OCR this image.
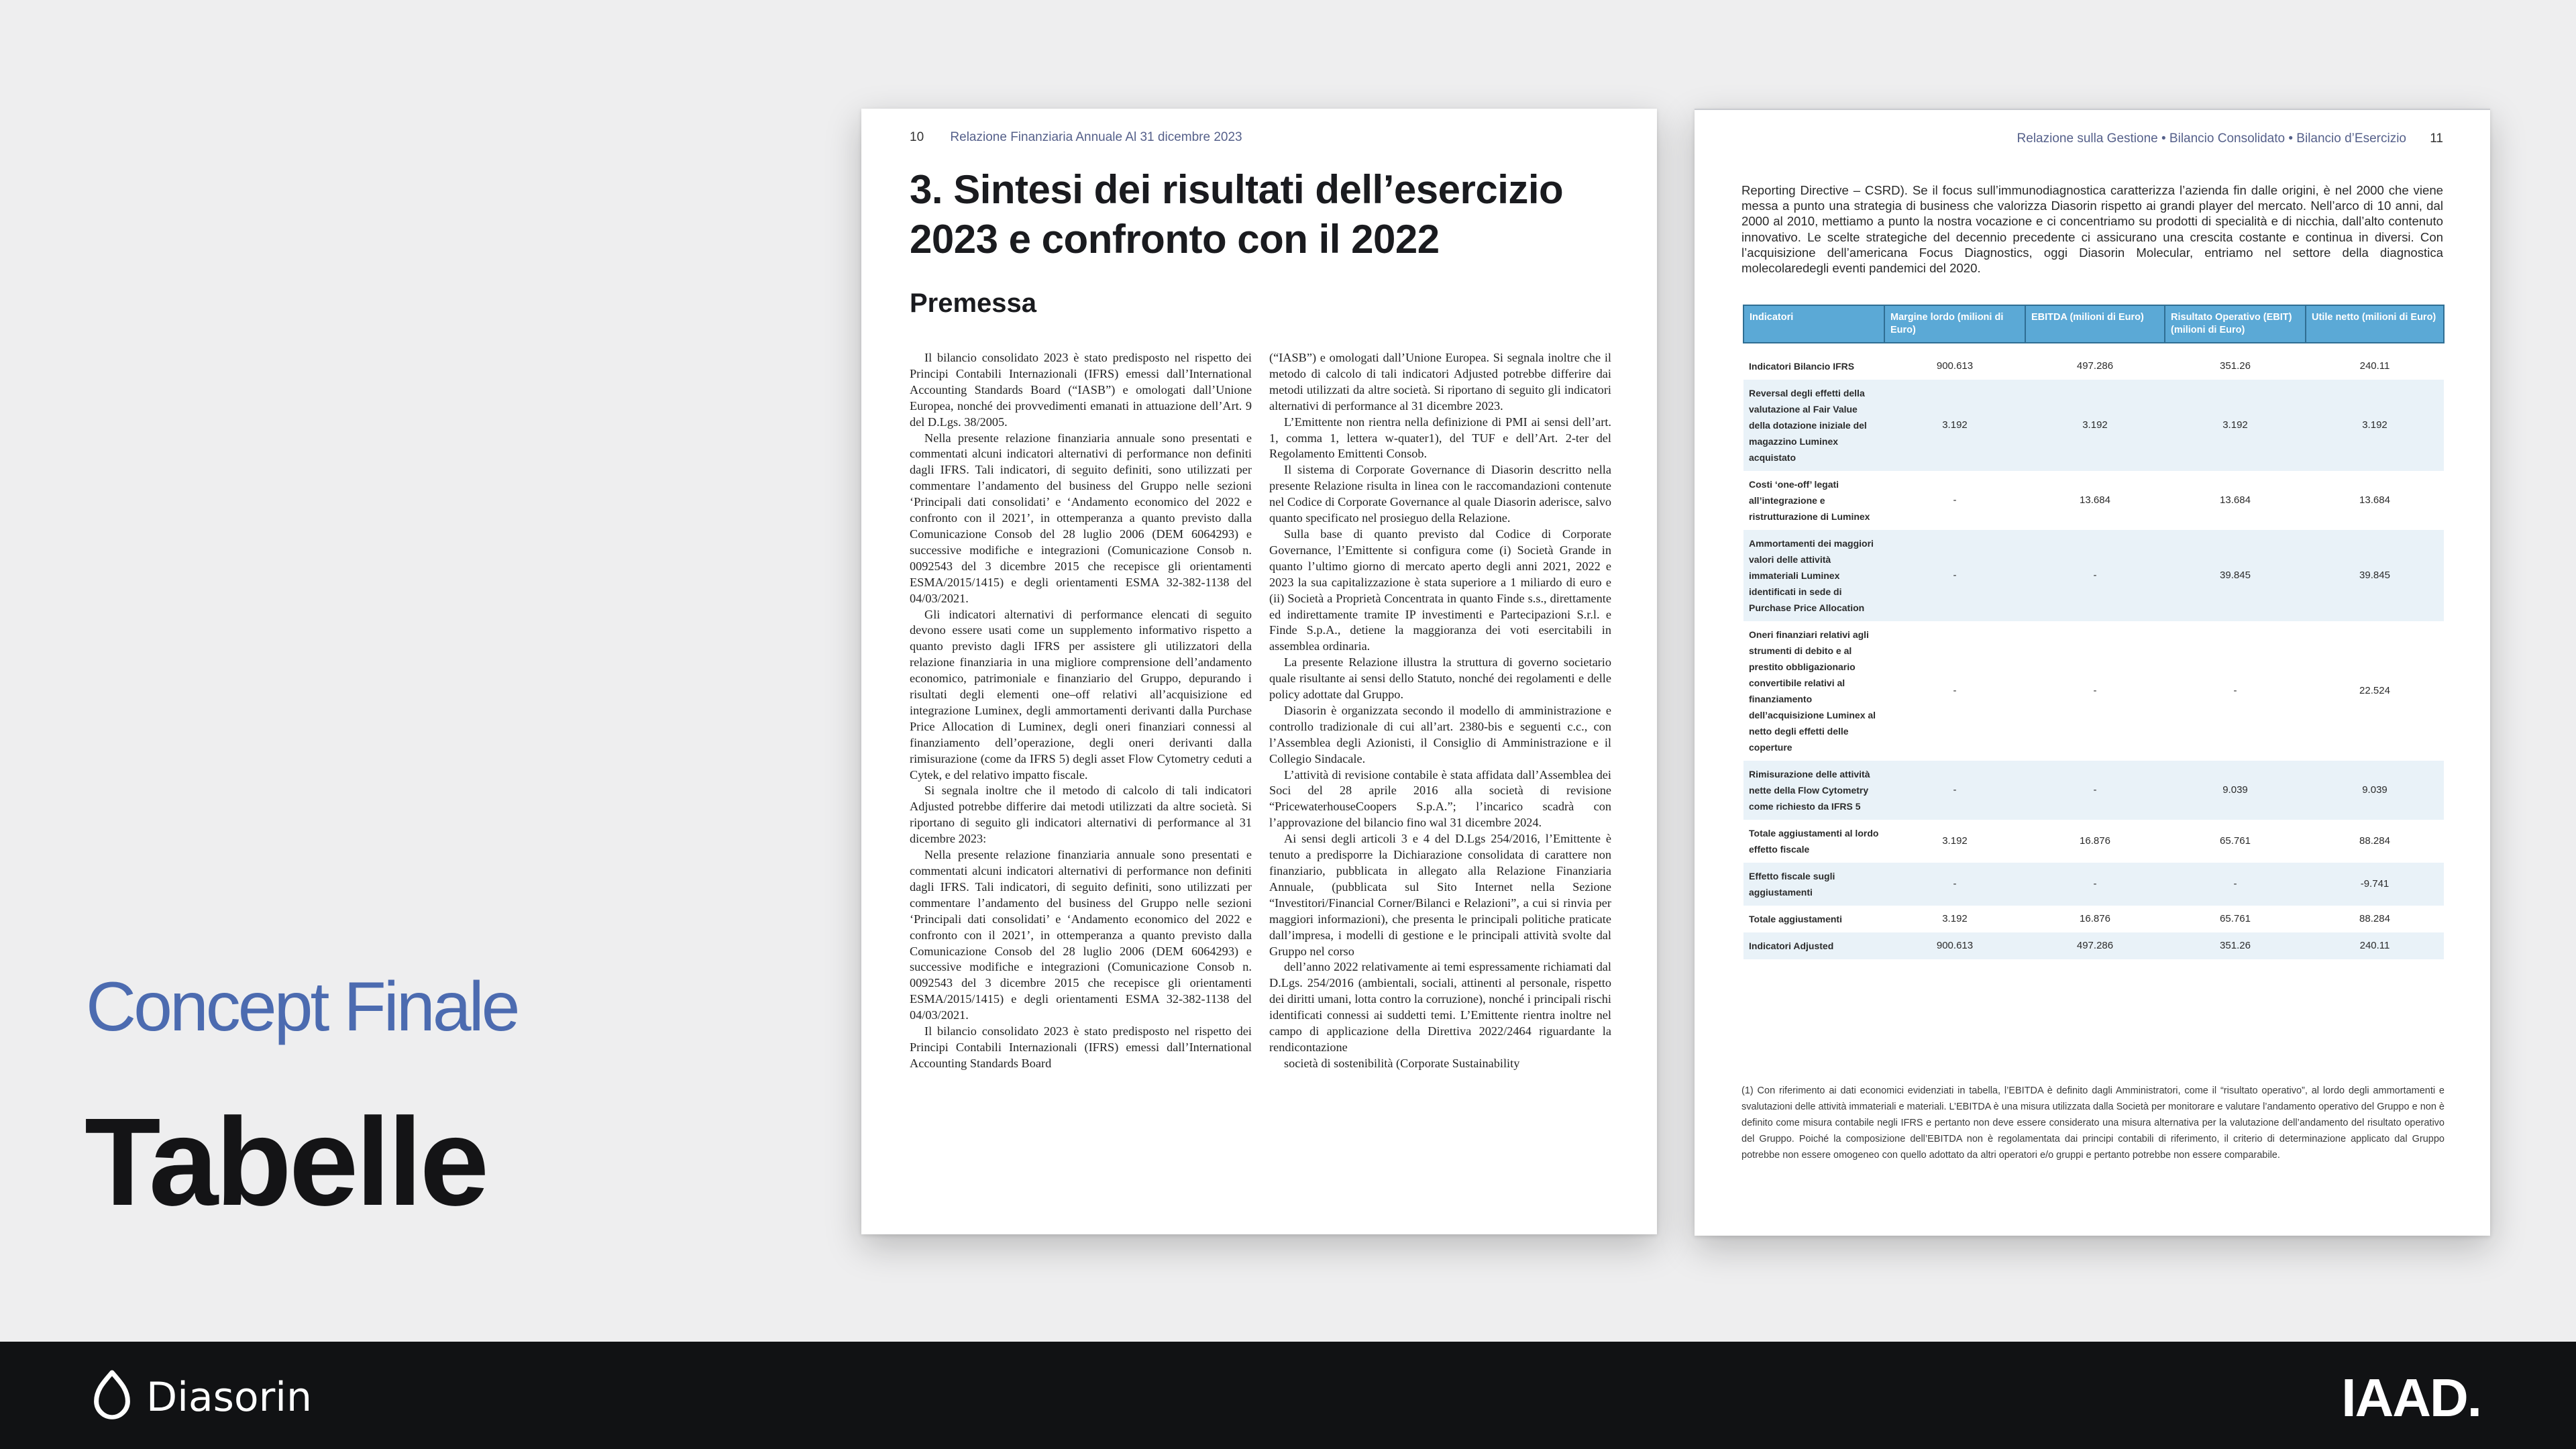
10 Relazione Finanziaria Annuale Al 31 dicembre 2023
3. Sintesi dei risultati dell’esercizio 2023 e confronto con il 2022
Premessa

Il bilancio consolidato 2023 è stato predisposto nel rispetto dei Principi Contabili Internazionali (IFRS) emessi dall’International Accounting Standards Board (“IASB”) e omologati dall’Unione Europea, nonché dei provvedimenti emanati in attuazione dell’Art. 9 del D.Lgs. 38/2005.

Nella presente relazione finanziaria annuale sono presentati e commentati alcuni indicatori alternativi di performance non definiti dagli IFRS. Tali indicatori, di seguito definiti, sono utilizzati per commentare l’andamento del business del Gruppo nelle sezioni ‘Principali dati consolidati’ e ‘Andamento economico del 2022 e confronto con il 2021’, in ottemperanza a quanto previsto dalla Comunicazione Consob del 28 luglio 2006 (DEM 6064293) e successive modifiche e integrazioni (Comunicazione Consob n. 0092543 del 3 dicembre 2015 che recepisce gli orientamenti ESMA/2015/1415) e degli orientamenti ESMA 32-382-1138 del 04/03/2021.

Gli indicatori alternativi di performance elencati di seguito devono essere usati come un supplemento informativo rispetto a quanto previsto dagli IFRS per assistere gli utilizzatori della relazione finanziaria in una migliore comprensione dell’andamento economico, patrimoniale e finanziario del Gruppo, depurando i risultati degli elementi one–off relativi all’acquisizione ed integrazione Luminex, degli ammortamenti derivanti dalla Purchase Price Allocation di Luminex, degli oneri finanziari connessi al finanziamento dell’operazione, degli oneri derivanti dalla rimisurazione (come da IFRS 5) degli asset Flow Cytometry ceduti a Cytek, e del relativo impatto fiscale.

Si segnala inoltre che il metodo di calcolo di tali indicatori Adjusted potrebbe differire dai metodi utilizzati da altre società. Si riportano di seguito gli indicatori alternativi di performance al 31 dicembre 2023:

Nella presente relazione finanziaria annuale sono presentati e commentati alcuni indicatori alternativi di performance non definiti dagli IFRS. Tali indicatori, di seguito definiti, sono utilizzati per commentare l’andamento del business del Gruppo nelle sezioni ‘Principali dati consolidati’ e ‘Andamento economico del 2022 e confronto con il 2021’, in ottemperanza a quanto previsto dalla Comunicazione Consob del 28 luglio 2006 (DEM 6064293) e successive modifiche e integrazioni (Comunicazione Consob n. 0092543 del 3 dicembre 2015 che recepisce gli orientamenti ESMA/2015/1415) e degli orientamenti ESMA 32-382-1138 del 04/03/2021.

Il bilancio consolidato 2023 è stato predisposto nel rispetto dei Principi Contabili Internazionali (IFRS) emessi dall’International Accounting Standards Board

(“IASB”) e omologati dall’Unione Europea. Si segnala inoltre che il metodo di calcolo di tali indicatori Adjusted potrebbe differire dai metodi utilizzati da altre società. Si riportano di seguito gli indicatori alternativi di performance al 31 dicembre 2023.

L’Emittente non rientra nella definizione di PMI ai sensi dell’art. 1, comma 1, lettera w-quater1), del TUF e dell’Art. 2-ter del Regolamento Emittenti Consob.

Il sistema di Corporate Governance di Diasorin descritto nella presente Relazione risulta in linea con le raccomandazioni contenute nel Codice di Corporate Governance al quale Diasorin aderisce, salvo quanto specificato nel prosieguo della Relazione.

Sulla base di quanto previsto dal Codice di Corporate Governance, l’Emittente si configura come (i) Società Grande in quanto l’ultimo giorno di mercato aperto degli anni 2021, 2022 e 2023 la sua capitalizzazione è stata superiore a 1 miliardo di euro e (ii) Società a Proprietà Concentrata in quanto Finde s.s., direttamente ed indirettamente tramite IP investimenti e Partecipazioni S.r.l. e Finde S.p.A., detiene la maggioranza dei voti esercitabili in assemblea ordinaria.

La presente Relazione illustra la struttura di governo societario quale risultante ai sensi dello Statuto, nonché dei regolamenti e delle policy adottate dal Gruppo.

Diasorin è organizzata secondo il modello di amministrazione e controllo tradizionale di cui all’art. 2380-bis e seguenti c.c., con l’Assemblea degli Azionisti, il Consiglio di Amministrazione e il Collegio Sindacale.

L’attività di revisione contabile è stata affidata dall’Assemblea dei Soci del 28 aprile 2016 alla società di revisione “PricewaterhouseCoopers S.p.A.”; l’incarico scadrà con l’approvazione del bilancio fino wal 31 dicembre 2024.

Ai sensi degli articoli 3 e 4 del D.Lgs 254/2016, l’Emittente è tenuto a predisporre la Dichiarazione consolidata di carattere non finanziario, pubblicata in allegato alla Relazione Finanziaria Annuale, (pubblicata sul Sito Internet nella Sezione “Investitori/Financial Corner/Bilanci e Relazioni”, a cui si rinvia per maggiori informazioni), che presenta le principali politiche praticate dall’impresa, i modelli di gestione e le principali attività svolte dal Gruppo nel corso

dell’anno 2022 relativamente ai temi espressamente richiamati dal D.Lgs. 254/2016 (ambientali, sociali, attinenti al personale, rispetto dei diritti umani, lotta contro la corruzione), nonché i principali rischi identificati connessi ai suddetti temi. L’Emittente rientra inoltre nel campo di applicazione della Direttiva 2022/2464 riguardante la rendicontazione

società di sostenibilità (Corporate Sustainability

Relazione sulla Gestione • Bilancio Consolidato • Bilancio d’Esercizio 11

Reporting Directive – CSRD). Se il focus sull’immunodiagnostica caratterizza l’azienda fin dalle origini, è nel 2000 che viene messa a punto una strategia di business che valorizza Diasorin rispetto ai grandi player del mercato. Nell’arco di 10 anni, dal 2000 al 2010, mettiamo a punto la nostra vocazione e ci concentriamo su prodotti di specialità e di nicchia, dall’alto contenuto innovativo. Le scelte strategiche del decennio precedente ci assicurano una crescita costante e continua in diversi. Con l’acquisizione dell’americana Focus Diagnostics, oggi Diasorin Molecular, entriamo nel settore della diagnostica molecolaredegli eventi pandemici del 2020.

Indicatori	Margine lordo (milioni di Euro)	EBITDA (milioni di Euro)	Risultato Operativo (EBIT) (milioni di Euro)	Utile netto (milioni di Euro)

Indicatori Bilancio IFRS	900.613	497.286	351.26	240.11
Reversal degli effetti della valutazione al Fair Value della dotazione iniziale del magazzino Luminex acquistato	3.192	3.192	3.192	3.192
Costi ‘one-off’ legati all’integrazione e ristrutturazione di Luminex	-	13.684	13.684	13.684
Ammortamenti dei maggiori valori delle attività immateriali Luminex identificati in sede di Purchase Price Allocation	-	-	39.845	39.845
Oneri finanziari relativi agli strumenti di debito e al prestito obbligazionario convertibile relativi al finanziamento dell’acquisizione Luminex al netto degli effetti delle coperture	-	-	-	22.524
Rimisurazione delle attività nette della Flow Cytometry come richiesto da IFRS 5	-	-	9.039	9.039
Totale aggiustamenti al lordo effetto fiscale	3.192	16.876	65.761	88.284
Effetto fiscale sugli aggiustamenti	-	-	-	-9.741
Totale aggiustamenti	3.192	16.876	65.761	88.284
Indicatori Adjusted	900.613	497.286	351.26	240.11

(1) Con riferimento ai dati economici evidenziati in tabella, l’EBITDA è definito dagli Amministratori, come il “risultato operativo”, al lordo degli ammortamenti e svalutazioni delle attività immateriali e materiali. L’EBITDA è una misura utilizzata dalla Società per monitorare e valutare l’andamento operativo del Gruppo e non è definito come misura contabile negli IFRS e pertanto non deve essere considerato una misura alternativa per la valutazione dell’andamento del risultato operativo del Gruppo. Poiché la composizione dell’EBITDA non è regolamentata dai principi contabili di riferimento, il criterio di determinazione applicato dal Gruppo potrebbe non essere omogeneo con quello adottato da altri operatori e/o gruppi e pertanto potrebbe non essere comparabile.

Concept Finale
Tabelle
Diasorin	IAAD.
